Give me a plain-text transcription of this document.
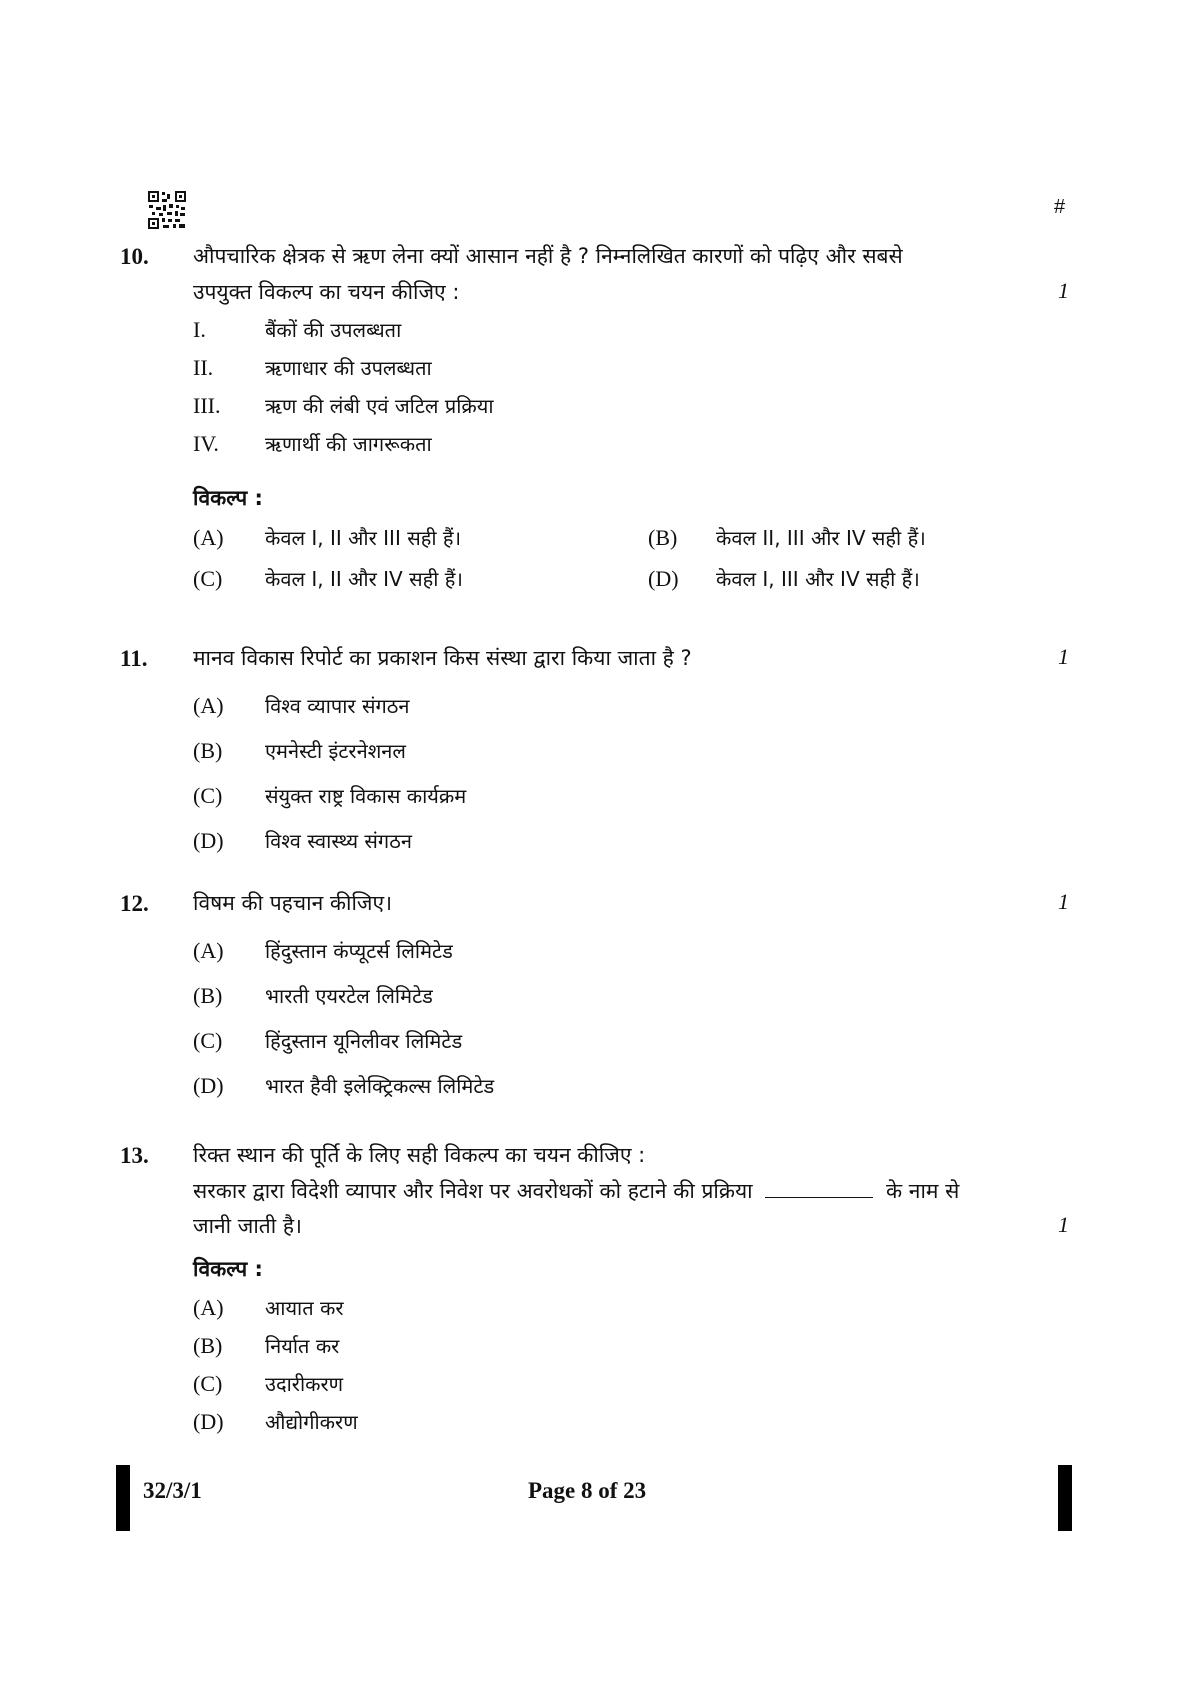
#
10. औपचारिक क्षेत्रक से ऋण लेना क्यों आसान नहीं है ? निम्नलिखित कारणों को पढ़िए और सबसे
उपयुक्त विकल्प का चयन कीजिए :	1
I.	बैंकों की उपलब्धता
II.	ऋणाधार की उपलब्धता
III.	ऋण की लंबी एवं जटिल प्रक्रिया
IV.	ऋणार्थी की जागरूकता
विकल्प :
(A)	केवल I, II और III सही हैं।	(B)	केवल II, III और IV सही हैं।
(C)	केवल I, II और IV सही हैं।	(D)	केवल I, III और IV सही हैं।
11. मानव विकास रिपोर्ट का प्रकाशन किस संस्था द्वारा किया जाता है ?	1
(A)	विश्व व्यापार संगठन
(B)	एमनेस्टी इंटरनेशनल
(C)	संयुक्त राष्ट्र विकास कार्यक्रम
(D)	विश्व स्वास्थ्य संगठन
12. विषम की पहचान कीजिए।	1
(A)	हिंदुस्तान कंप्यूटर्स लिमिटेड
(B)	भारती एयरटेल लिमिटेड
(C)	हिंदुस्तान यूनिलीवर लिमिटेड
(D)	भारत हैवी इलेक्ट्रिकल्स लिमिटेड
13. रिक्त स्थान की पूर्ति के लिए सही विकल्प का चयन कीजिए :
सरकार द्वारा विदेशी व्यापार और निवेश पर अवरोधकों को हटाने की प्रक्रिया	के नाम से
जानी जाती है।	1
विकल्प :
(A)	आयात कर
(B)	निर्यात कर
(C)	उदारीकरण
(D)	औद्योगीकरण
32/3/1	Page 8 of 23
